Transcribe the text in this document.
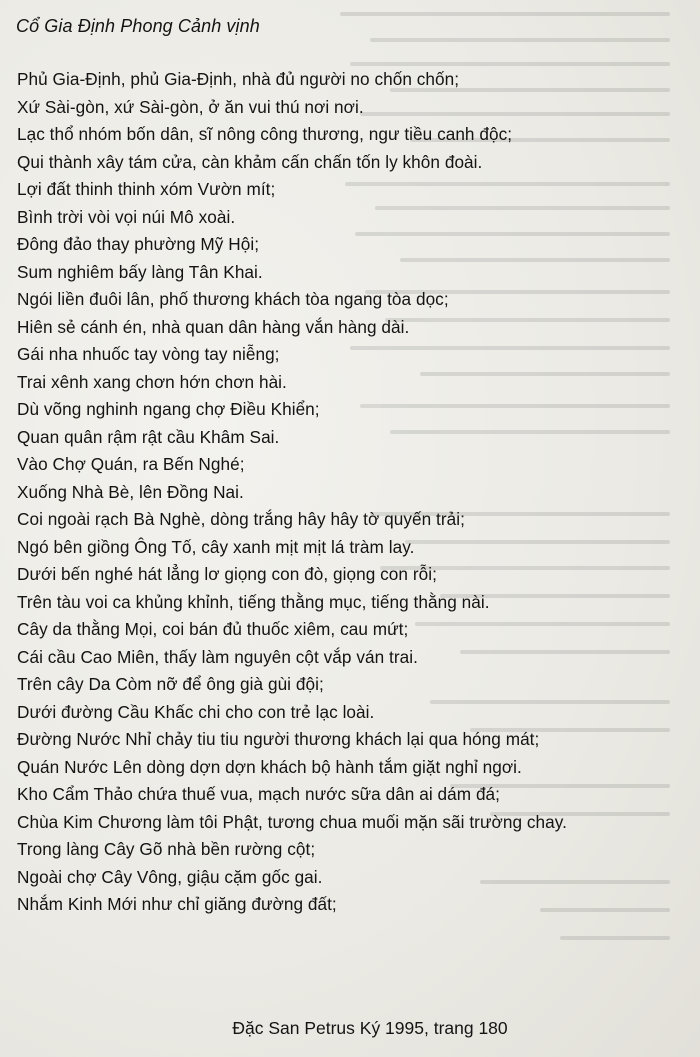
Cổ Gia Định Phong Cảnh vịnh
Phủ Gia-Định, phủ Gia-Định, nhà đủ người no chốn chốn;
Xứ Sài-gòn, xứ Sài-gòn, ở ăn vui thú nơi nơi.
Lạc thổ nhóm bốn dân, sĩ nông công thương, ngư tiều canh độc;
Qui thành xây tám cửa, càn khảm cấn chấn tốn ly khôn đoài.
Lợi đất thinh thinh xóm Vườn mít;
Bình trời vòi vọi núi Mô xoài.
Đông đảo thay phường Mỹ Hội;
Sum nghiêm bấy làng Tân Khai.
Ngói liền đuôi lân, phố thương khách tòa ngang tòa dọc;
Hiên sẻ cánh én, nhà quan dân hàng vắn hàng dài.
Gái nha nhuốc tay vòng tay niễng;
Trai xênh xang chơn hớn chơn hài.
Dù võng nghinh ngang chợ Điều Khiển;
Quan quân rậm rật cầu Khâm Sai.
Vào Chợ Quán, ra Bến Nghé;
Xuống Nhà Bè, lên Đồng Nai.
Coi ngoài rạch Bà Nghè, dòng trắng hây hây tờ quyến trải;
Ngó bên giồng Ông Tố, cây xanh mịt mịt lá tràm lay.
Dưới bến nghé hát lẳng lơ giọng con đò, giọng con rỗi;
Trên tàu voi ca khủng khỉnh, tiếng thằng mục, tiếng thằng nài.
Cây da thằng Mọi, coi bán đủ thuốc xiêm, cau mứt;
Cái cầu Cao Miên, thấy làm nguyên cột vắp ván trai.
Trên cây Da Còm nỡ để ông già gùi đội;
Dưới đường Cầu Khấc chi cho con trẻ lạc loài.
Đường Nước Nhỉ chảy tiu tiu người thương khách lại qua hóng mát;
Quán Nước Lên dòng dợn dợn khách bộ hành tắm giặt nghỉ ngơi.
Kho Cẩm Thảo chứa thuế vua, mạch nước sữa dân ai dám đá;
Chùa Kim Chương làm tôi Phật, tương chua muối mặn sãi trường chay.
Trong làng Cây Gõ nhà bền rường cột;
Ngoài chợ Cây Vông, giậu cặm gốc gai.
Nhắm Kinh Mới như chỉ giăng đường đất;
Đặc San Petrus Ký 1995, trang 180
